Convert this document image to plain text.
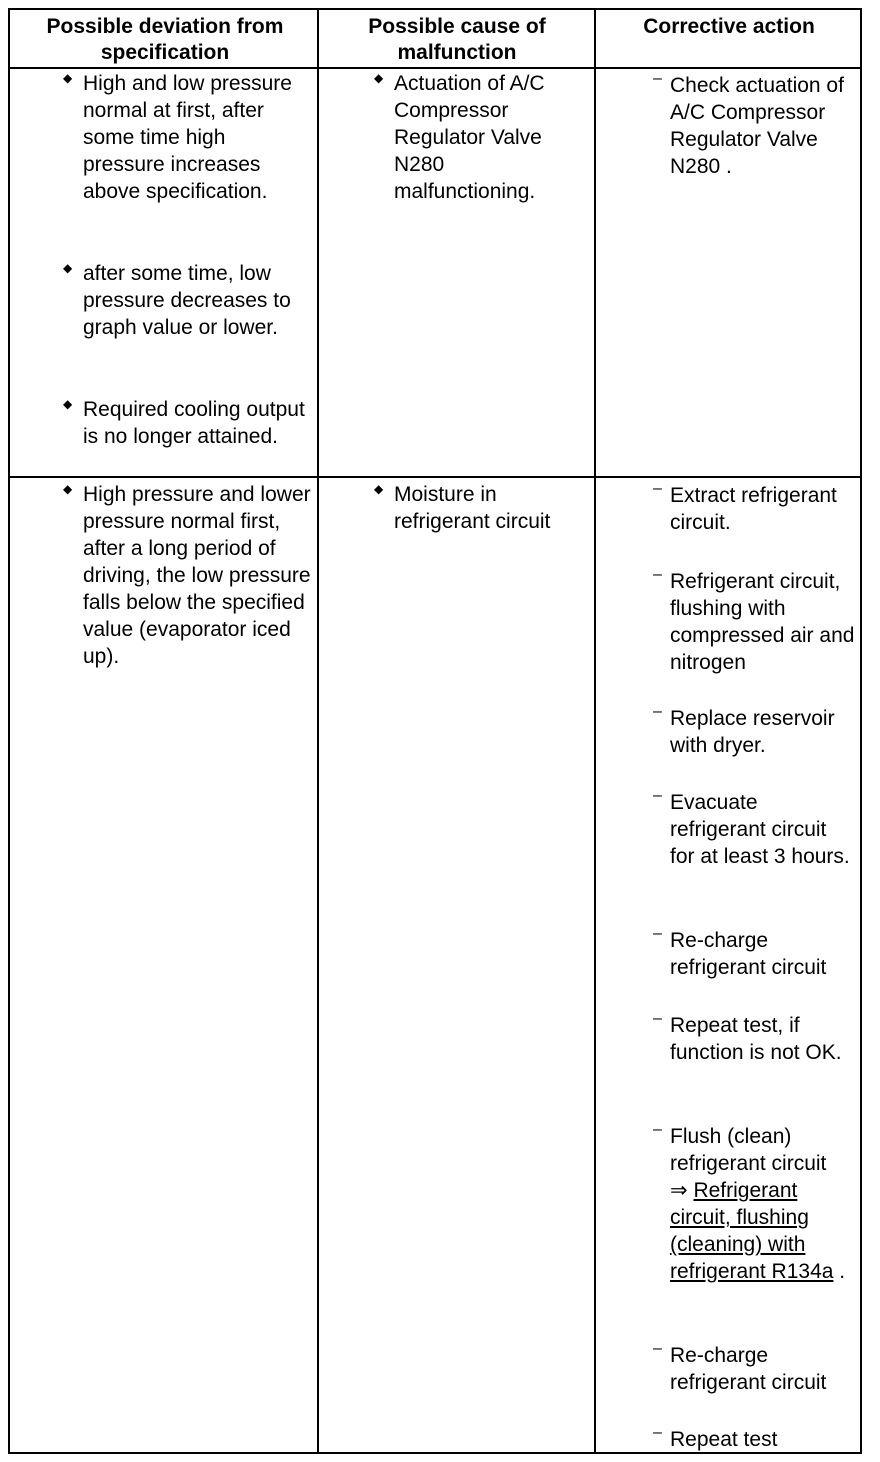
Possible deviation from specification
Possible cause of malfunction
Corrective action
◆ High and low pressure normal at first, after some time high pressure increases above specification.
◆ after some time, low pressure decreases to graph value or lower.
◆ Required cooling output is no longer attained.
◆ Actuation of A/C Compressor Regulator Valve N280 malfunctioning.
– Check actuation of A/C Compressor Regulator Valve N280 .
◆ High pressure and lower pressure normal first, after a long period of driving, the low pressure falls below the specified value (evaporator iced up).
◆ Moisture in refrigerant circuit
– Extract refrigerant circuit.
– Refrigerant circuit, flushing with compressed air and nitrogen
– Replace reservoir with dryer.
– Evacuate refrigerant circuit for at least 3 hours.
– Re-charge refrigerant circuit
– Repeat test, if function is not OK.
– Flush (clean) refrigerant circuit
⇒ Refrigerant circuit, flushing (cleaning) with refrigerant R134a .
– Re-charge refrigerant circuit
– Repeat test
